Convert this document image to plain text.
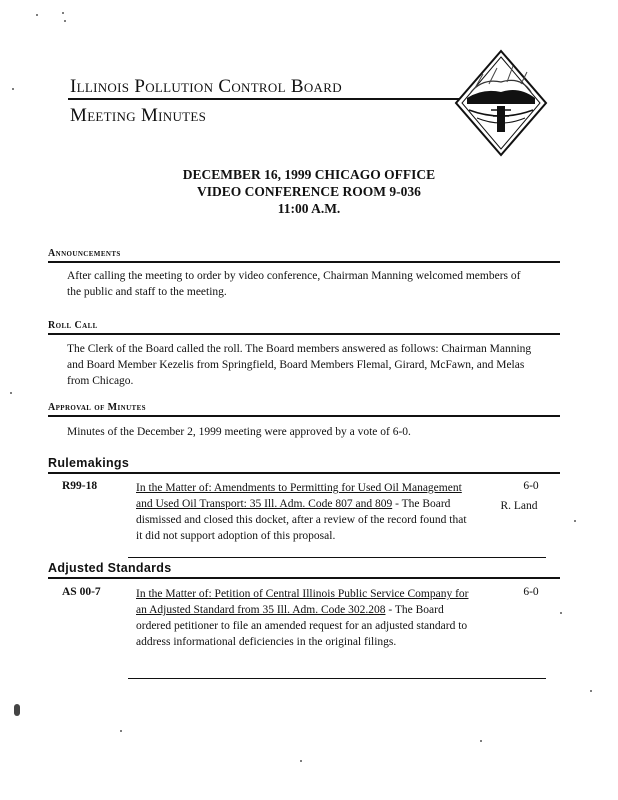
Illinois Pollution Control Board
Meeting Minutes
DECEMBER 16, 1999 CHICAGO OFFICE
VIDEO CONFERENCE ROOM 9-036
11:00 A.M.
Announcements
After calling the meeting to order by video conference, Chairman Manning welcomed members of the public and staff to the meeting.
Roll Call
The Clerk of the Board called the roll. The Board members answered as follows: Chairman Manning and Board Member Kezelis from Springfield, Board Members Flemal, Girard, McFawn, and Melas from Chicago.
Approval of Minutes
Minutes of the December 2, 1999 meeting were approved by a vote of 6-0.
Rulemakings
R99-18	In the Matter of: Amendments to Permitting for Used Oil Management and Used Oil Transport: 35 Ill. Adm. Code 807 and 809 - The Board dismissed and closed this docket, after a review of the record found that it did not support adoption of this proposal.
6-0
R. Land
Adjusted Standards
AS 00-7	In the Matter of: Petition of Central Illinois Public Service Company for an Adjusted Standard from 35 Ill. Adm. Code 302.208 - The Board ordered petitioner to file an amended request for an adjusted standard to address informational deficiencies in the original filings.
6-0
